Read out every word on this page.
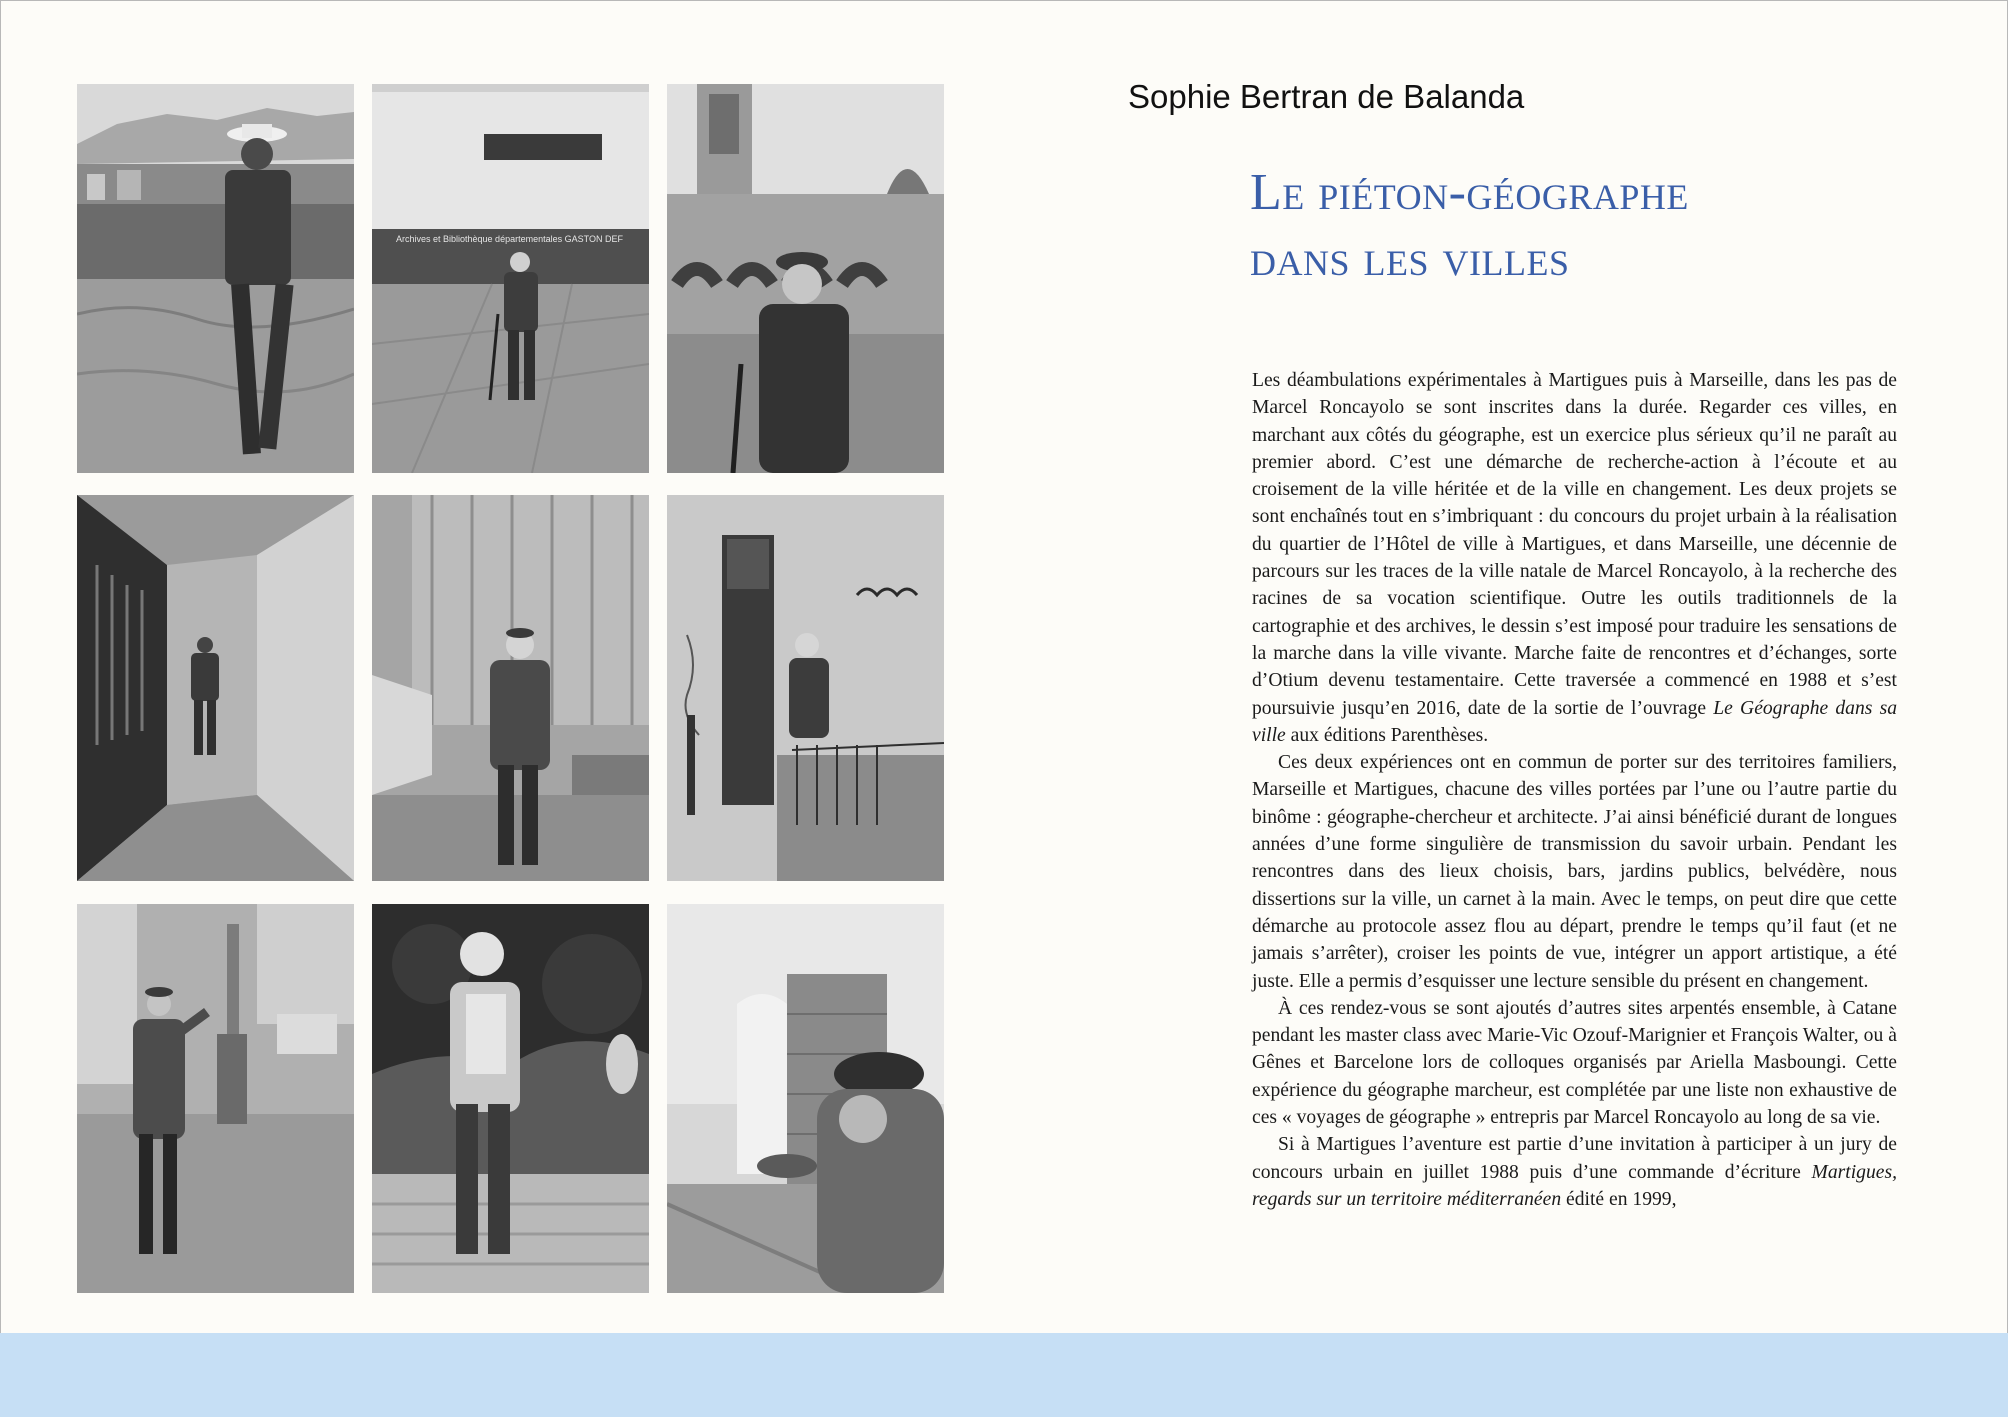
Archives et Bibliothèque départementales GASTON DEF
Sophie Bertran de Balanda
Le piéton-géographe
dans les villes

Les déambulations expérimentales à Martigues puis à Marseille, dans les pas de Marcel Roncayolo se sont inscrites dans la durée. Regarder ces villes, en marchant aux côtés du géographe, est un exercice plus sérieux qu’il ne paraît au premier abord. C’est une démarche de recherche-action à l’écoute et au croisement de la ville héritée et de la ville en changement. Les deux projets se sont enchaînés tout en s’imbriquant : du concours du projet urbain à la réalisation du quartier de l’Hôtel de ville à Martigues, et dans Marseille, une décennie de parcours sur les traces de la ville natale de Marcel Roncayolo, à la recherche des racines de sa vocation scientifique. Outre les outils traditionnels de la cartographie et des archives, le dessin s’est imposé pour traduire les sensations de la marche dans la ville vivante. Marche faite de rencontres et d’échanges, sorte d’Otium devenu testamentaire. Cette traversée a commencé en 1988 et s’est poursuivie jusqu’en 2016, date de la sortie de l’ouvrage Le Géographe dans sa ville aux éditions Parenthèses.

Ces deux expériences ont en commun de porter sur des territoires familiers, Marseille et Martigues, chacune des villes portées par l’une ou l’autre partie du binôme : géographe-chercheur et architecte. J’ai ainsi bénéficié durant de longues années d’une forme singulière de transmission du savoir urbain. Pendant les rencontres dans des lieux choisis, bars, jardins publics, belvédère, nous dissertions sur la ville, un carnet à la main. Avec le temps, on peut dire que cette démarche au protocole assez flou au départ, prendre le temps qu’il faut (et ne jamais s’arrêter), croiser les points de vue, intégrer un apport artistique, a été juste. Elle a permis d’esquisser une lecture sensible du présent en changement.

À ces rendez-vous se sont ajoutés d’autres sites arpentés ensemble, à Catane pendant les master class avec Marie-Vic Ozouf-Marignier et François Walter, ou à Gênes et Barcelone lors de colloques organisés par Ariella Masboungi. Cette expérience du géographe marcheur, est complétée par une liste non exhaustive de ces « voyages de géographe » entrepris par Marcel Roncayolo au long de sa vie.

Si à Martigues l’aventure est partie d’une invitation à participer à un jury de concours urbain en juillet 1988 puis d’une commande d’écriture Martigues, regards sur un territoire méditerranéen édité en 1999,
